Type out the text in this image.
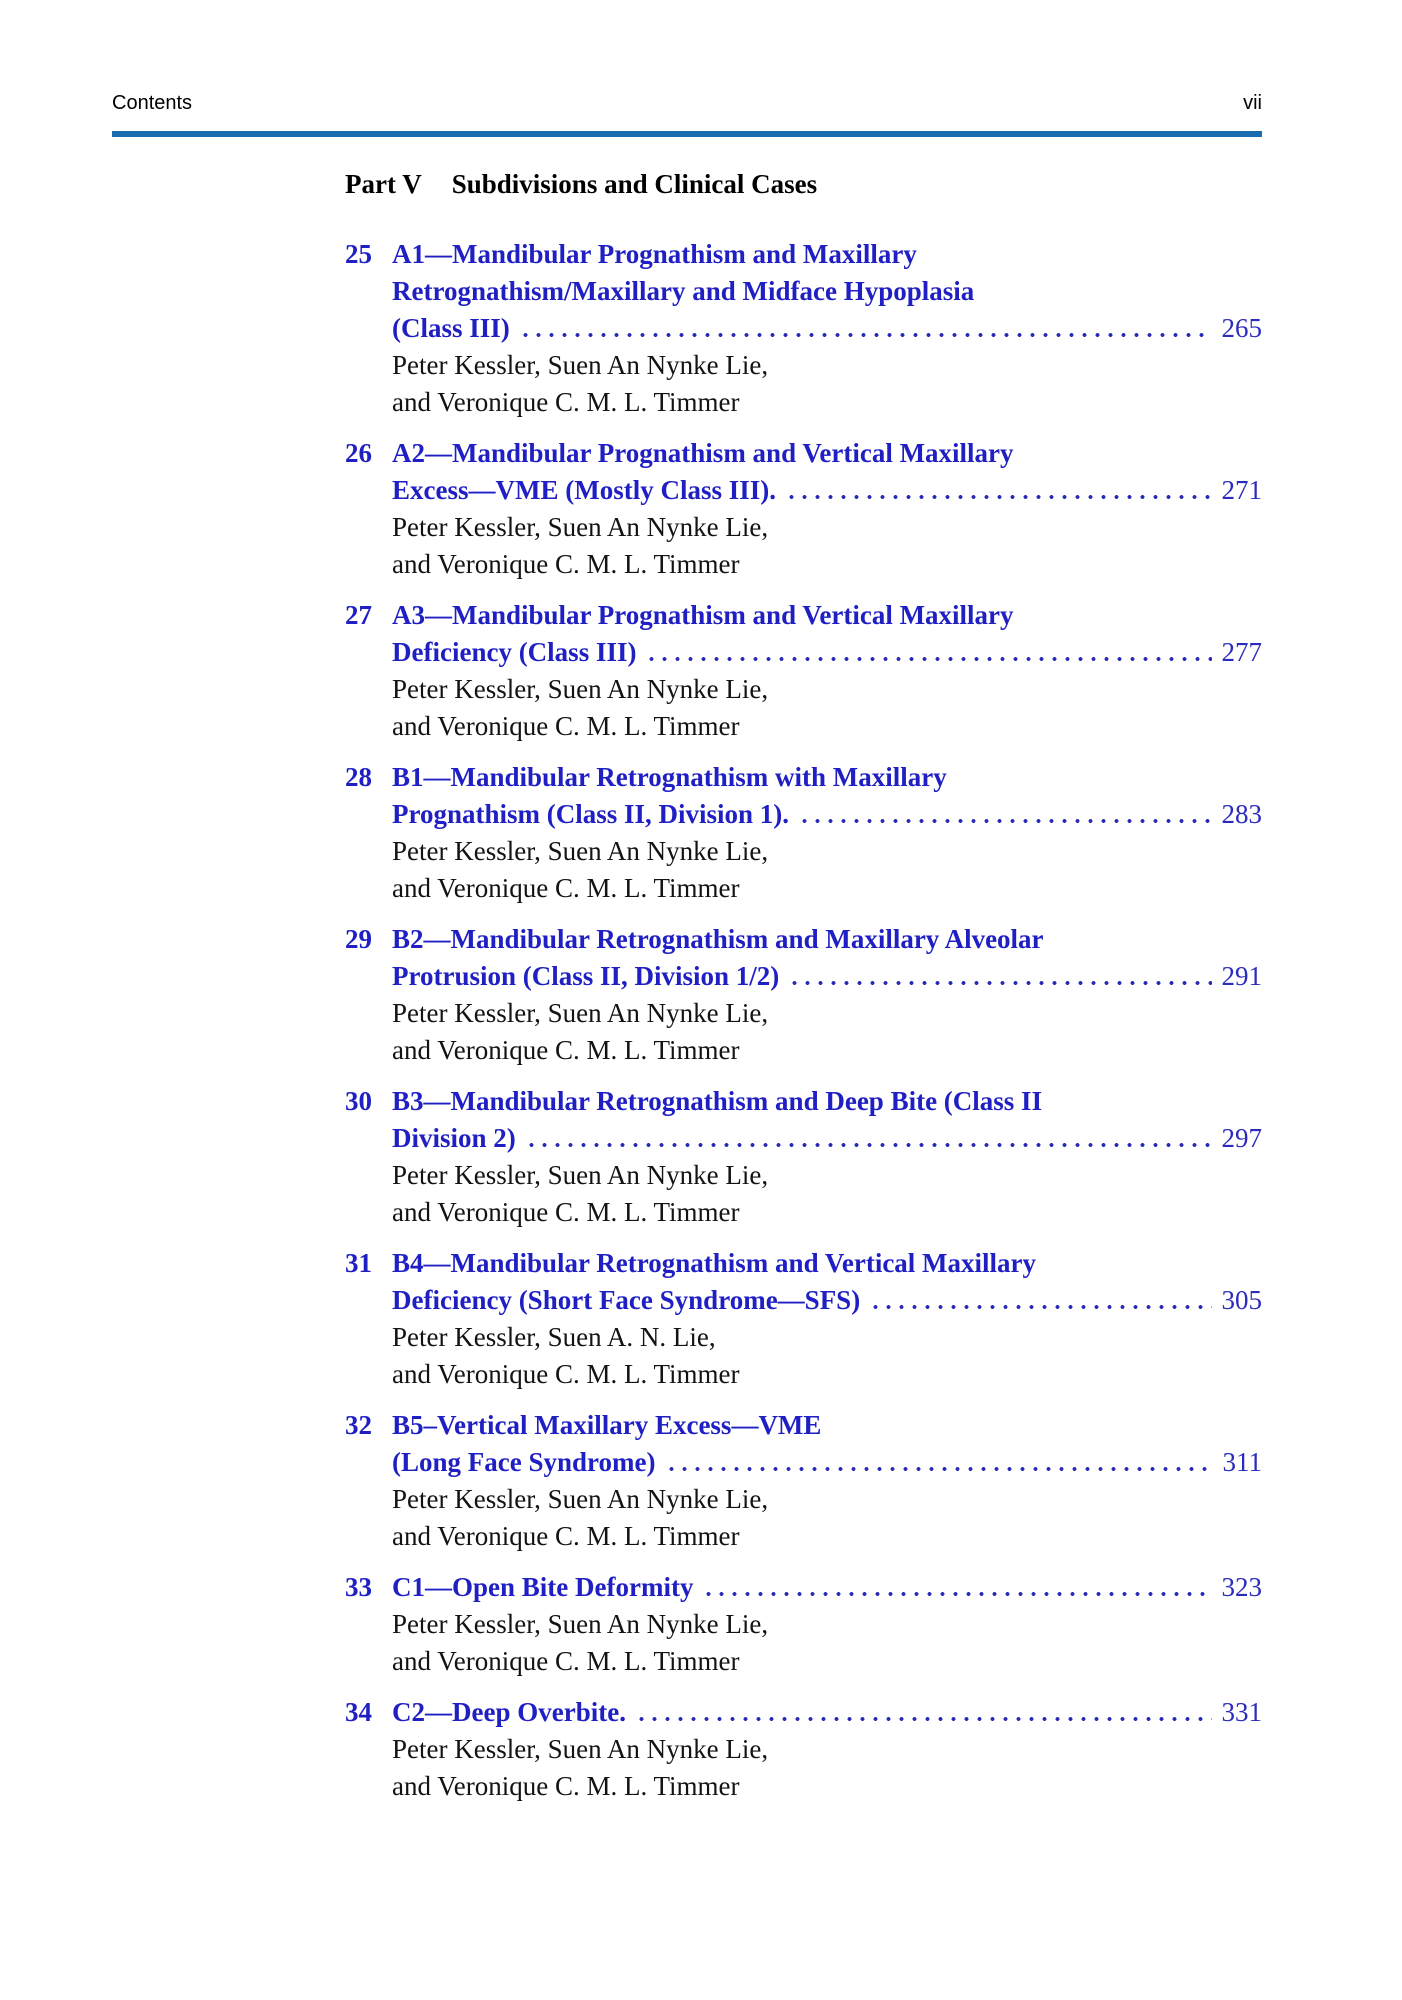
Contents	vii
Part V Subdivisions and Clinical Cases
25 A1—Mandibular Prognathism and Maxillary
Retrognathism/Maxillary and Midface Hypoplasia
(Class III)	265
Peter Kessler, Suen An Nynke Lie,
and Veronique C. M. L. Timmer
26 A2—Mandibular Prognathism and Vertical Maxillary
Excess—VME (Mostly Class III).	271
Peter Kessler, Suen An Nynke Lie,
and Veronique C. M. L. Timmer
27 A3—Mandibular Prognathism and Vertical Maxillary
Deficiency (Class III)	277
Peter Kessler, Suen An Nynke Lie,
and Veronique C. M. L. Timmer
28 B1—Mandibular Retrognathism with Maxillary
Prognathism (Class II, Division 1).	283
Peter Kessler, Suen An Nynke Lie,
and Veronique C. M. L. Timmer
29 B2—Mandibular Retrognathism and Maxillary Alveolar
Protrusion (Class II, Division 1/2)	291
Peter Kessler, Suen An Nynke Lie,
and Veronique C. M. L. Timmer
30 B3—Mandibular Retrognathism and Deep Bite (Class II
Division 2)	297
Peter Kessler, Suen An Nynke Lie,
and Veronique C. M. L. Timmer
31 B4—Mandibular Retrognathism and Vertical Maxillary
Deficiency (Short Face Syndrome—SFS)	305
Peter Kessler, Suen A. N. Lie,
and Veronique C. M. L. Timmer
32 B5–Vertical Maxillary Excess—VME
(Long Face Syndrome)	311
Peter Kessler, Suen An Nynke Lie,
and Veronique C. M. L. Timmer
33 C1—Open Bite Deformity	323
Peter Kessler, Suen An Nynke Lie,
and Veronique C. M. L. Timmer
34 C2—Deep Overbite.	331
Peter Kessler, Suen An Nynke Lie,
and Veronique C. M. L. Timmer
